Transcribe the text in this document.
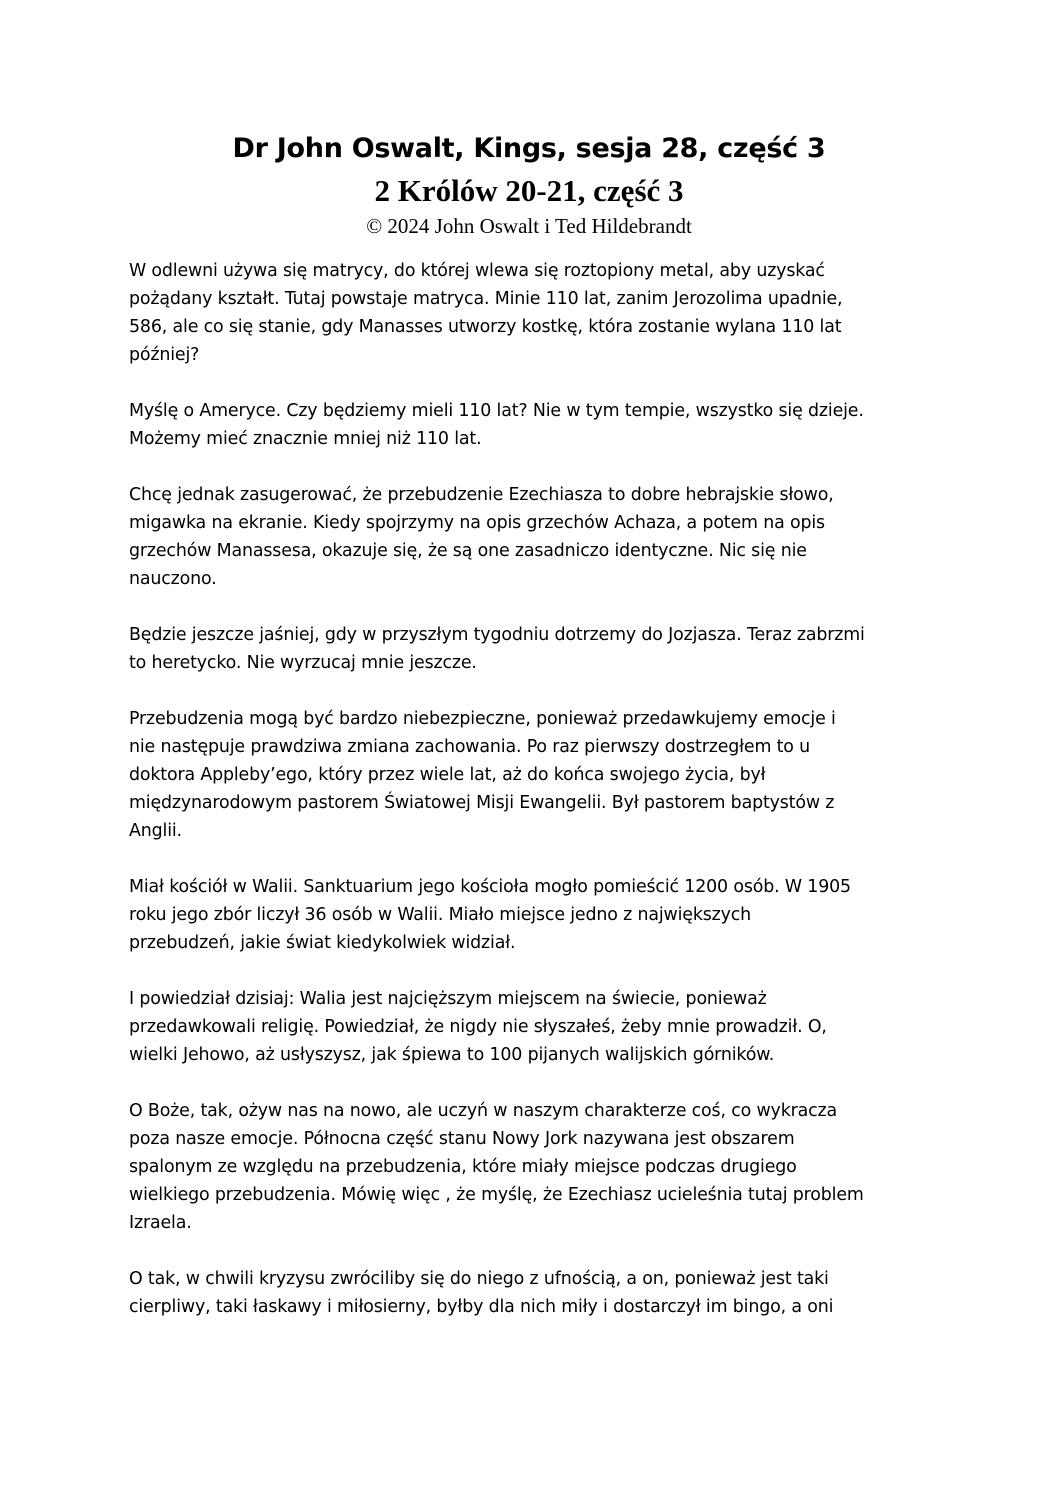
Dr John Oswalt, Kings, sesja 28, część 3
2 Królów 20-21, część 3
© 2024 John Oswalt i Ted Hildebrandt

W odlewni używa się matrycy, do której wlewa się roztopiony metal, aby uzyskać
pożądany kształt. Tutaj powstaje matryca. Minie 110 lat, zanim Jerozolima upadnie,
586, ale co się stanie, gdy Manasses utworzy kostkę, która zostanie wylana 110 lat
później?

Myślę o Ameryce. Czy będziemy mieli 110 lat? Nie w tym tempie, wszystko się dzieje.
Możemy mieć znacznie mniej niż 110 lat.

Chcę jednak zasugerować, że przebudzenie Ezechiasza to dobre hebrajskie słowo,
migawka na ekranie. Kiedy spojrzymy na opis grzechów Achaza, a potem na opis
grzechów Manassesa, okazuje się, że są one zasadniczo identyczne. Nic się nie
nauczono.

Będzie jeszcze jaśniej, gdy w przyszłym tygodniu dotrzemy do Jozjasza. Teraz zabrzmi
to heretycko. Nie wyrzucaj mnie jeszcze.

Przebudzenia mogą być bardzo niebezpieczne, ponieważ przedawkujemy emocje i
nie następuje prawdziwa zmiana zachowania. Po raz pierwszy dostrzegłem to u
doktora Appleby’ego, który przez wiele lat, aż do końca swojego życia, był
międzynarodowym pastorem Światowej Misji Ewangelii. Był pastorem baptystów z
Anglii.

Miał kościół w Walii. Sanktuarium jego kościoła mogło pomieścić 1200 osób. W 1905
roku jego zbór liczył 36 osób w Walii. Miało miejsce jedno z największych
przebudzeń, jakie świat kiedykolwiek widział.

I powiedział dzisiaj: Walia jest najcięższym miejscem na świecie, ponieważ
przedawkowali religię. Powiedział, że nigdy nie słyszałeś, żeby mnie prowadził. O,
wielki Jehowo, aż usłyszysz, jak śpiewa to 100 pijanych walijskich górników.

O Boże, tak, ożyw nas na nowo, ale uczyń w naszym charakterze coś, co wykracza
poza nasze emocje. Północna część stanu Nowy Jork nazywana jest obszarem
spalonym ze względu na przebudzenia, które miały miejsce podczas drugiego
wielkiego przebudzenia. Mówię więc , że myślę, że Ezechiasz ucieleśnia tutaj problem
Izraela.

O tak, w chwili kryzysu zwróciliby się do niego z ufnością, a on, ponieważ jest taki
cierpliwy, taki łaskawy i miłosierny, byłby dla nich miły i dostarczył im bingo, a oni
